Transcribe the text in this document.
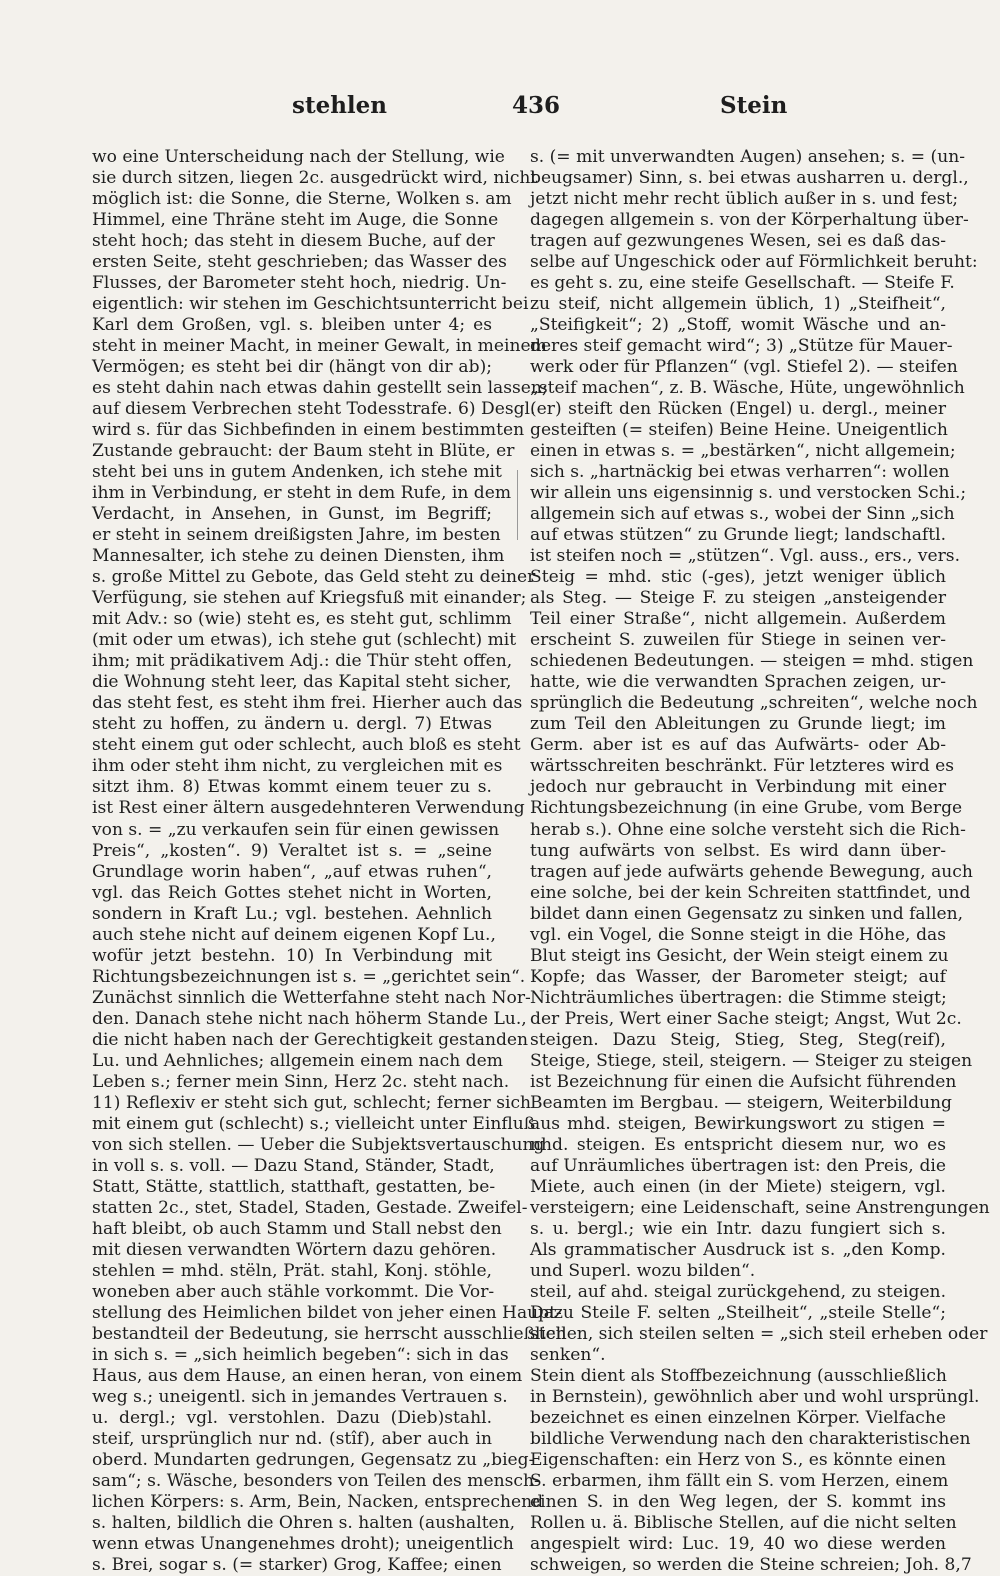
stehlen	436	Stein
wo eine Unterscheidung nach der Stellung, wie
sie durch sitzen, liegen 2c. ausgedrückt wird, nicht
möglich ist: die Sonne, die Sterne, Wolken s. am
Himmel, eine Thräne steht im Auge, die Sonne
steht hoch; das steht in diesem Buche, auf der
ersten Seite, steht geschrieben; das Wasser des
Flusses, der Barometer steht hoch, niedrig. Un-
eigentlich: wir stehen im Geschichtsunterricht bei
Karl dem Großen, vgl. s. bleiben unter 4; es
steht in meiner Macht, in meiner Gewalt, in meinem
Vermögen; es steht bei dir (hängt von dir ab);
es steht dahin nach etwas dahin gestellt sein lassen;
auf diesem Verbrechen steht Todesstrafe. 6) Desgl.
wird s. für das Sichbefinden in einem bestimmten
Zustande gebraucht: der Baum steht in Blüte, er
steht bei uns in gutem Andenken, ich stehe mit
ihm in Verbindung, er steht in dem Rufe, in dem
Verdacht, in Ansehen, in Gunst, im Begriff;
er steht in seinem dreißigsten Jahre, im besten
Mannesalter, ich stehe zu deinen Diensten, ihm
s. große Mittel zu Gebote, das Geld steht zu deiner
Verfügung, sie stehen auf Kriegsfuß mit einander;
mit Adv.: so (wie) steht es, es steht gut, schlimm
(mit oder um etwas), ich stehe gut (schlecht) mit
ihm; mit prädikativem Adj.: die Thür steht offen,
die Wohnung steht leer, das Kapital steht sicher,
das steht fest, es steht ihm frei. Hierher auch das
steht zu hoffen, zu ändern u. dergl. 7) Etwas
steht einem gut oder schlecht, auch bloß es steht
ihm oder steht ihm nicht, zu vergleichen mit es
sitzt ihm. 8) Etwas kommt einem teuer zu s.
ist Rest einer ältern ausgedehnteren Verwendung
von s. = „zu verkaufen sein für einen gewissen
Preis“, „kosten“. 9) Veraltet ist s. = „seine
Grundlage worin haben“, „auf etwas ruhen“,
vgl. das Reich Gottes stehet nicht in Worten,
sondern in Kraft Lu.; vgl. bestehen. Aehnlich
auch stehe nicht auf deinem eigenen Kopf Lu.,
wofür jetzt bestehn. 10) In Verbindung mit
Richtungsbezeichnungen ist s. = „gerichtet sein“.
Zunächst sinnlich die Wetterfahne steht nach Nor-
den. Danach stehe nicht nach höherm Stande Lu.,
die nicht haben nach der Gerechtigkeit gestanden
Lu. und Aehnliches; allgemein einem nach dem
Leben s.; ferner mein Sinn, Herz 2c. steht nach.
11) Reflexiv er steht sich gut, schlecht; ferner sich
mit einem gut (schlecht) s.; vielleicht unter Einfluß
von sich stellen. — Ueber die Subjektsvertauschung
in voll s. s. voll. — Dazu Stand, Ständer, Stadt,
Statt, Stätte, stattlich, statthaft, gestatten, be-
statten 2c., stet, Stadel, Staden, Gestade. Zweifel-
haft bleibt, ob auch Stamm und Stall nebst den
mit diesen verwandten Wörtern dazu gehören.
stehlen = mhd. stëln, Prät. stahl, Konj. stöhle,
woneben aber auch stähle vorkommt. Die Vor-
stellung des Heimlichen bildet von jeher einen Haupt-
bestandteil der Bedeutung, sie herrscht ausschließlich
in sich s. = „sich heimlich begeben“: sich in das
Haus, aus dem Hause, an einen heran, von einem
weg s.; uneigentl. sich in jemandes Vertrauen s.
u. dergl.; vgl. verstohlen. Dazu (Dieb)stahl.
steif, ursprünglich nur nd. (stîf), aber auch in
oberd. Mundarten gedrungen, Gegensatz zu „bieg-
sam“; s. Wäsche, besonders von Teilen des mensch-
lichen Körpers: s. Arm, Bein, Nacken, entsprechend
s. halten, bildlich die Ohren s. halten (aushalten,
wenn etwas Unangenehmes droht); uneigentlich
s. Brei, sogar s. (= starker) Grog, Kaffee; einen
s. (= mit unverwandten Augen) ansehen; s. = (un-
beugsamer) Sinn, s. bei etwas ausharren u. dergl.,
jetzt nicht mehr recht üblich außer in s. und fest;
dagegen allgemein s. von der Körperhaltung über-
tragen auf gezwungenes Wesen, sei es daß das-
selbe auf Ungeschick oder auf Förmlichkeit beruht:
es geht s. zu, eine steife Gesellschaft. — Steife F.
zu steif, nicht allgemein üblich, 1) „Steifheit“,
„Steifigkeit“; 2) „Stoff, womit Wäsche und an-
deres steif gemacht wird“; 3) „Stütze für Mauer-
werk oder für Pflanzen“ (vgl. Stiefel 2). — steifen
„steif machen“, z. B. Wäsche, Hüte, ungewöhnlich
(er) steift den Rücken (Engel) u. dergl., meiner
gesteiften (= steifen) Beine Heine. Uneigentlich
einen in etwas s. = „bestärken“, nicht allgemein;
sich s. „hartnäckig bei etwas verharren“: wollen
wir allein uns eigensinnig s. und verstocken Schi.;
allgemein sich auf etwas s., wobei der Sinn „sich
auf etwas stützen“ zu Grunde liegt; landschaftl.
ist steifen noch = „stützen“. Vgl. auss., ers., vers.
Steig = mhd. stic (-ges), jetzt weniger üblich
als Steg. — Steige F. zu steigen „ansteigender
Teil einer Straße“, nicht allgemein. Außerdem
erscheint S. zuweilen für Stiege in seinen ver-
schiedenen Bedeutungen. — steigen = mhd. stigen
hatte, wie die verwandten Sprachen zeigen, ur-
sprünglich die Bedeutung „schreiten“, welche noch
zum Teil den Ableitungen zu Grunde liegt; im
Germ. aber ist es auf das Aufwärts- oder Ab-
wärtsschreiten beschränkt. Für letzteres wird es
jedoch nur gebraucht in Verbindung mit einer
Richtungsbezeichnung (in eine Grube, vom Berge
herab s.). Ohne eine solche versteht sich die Rich-
tung aufwärts von selbst. Es wird dann über-
tragen auf jede aufwärts gehende Bewegung, auch
eine solche, bei der kein Schreiten stattfindet, und
bildet dann einen Gegensatz zu sinken und fallen,
vgl. ein Vogel, die Sonne steigt in die Höhe, das
Blut steigt ins Gesicht, der Wein steigt einem zu
Kopfe; das Wasser, der Barometer steigt; auf
Nichträumliches übertragen: die Stimme steigt;
der Preis, Wert einer Sache steigt; Angst, Wut 2c.
steigen. Dazu Steig, Stieg, Steg, Steg(reif),
Steige, Stiege, steil, steigern. — Steiger zu steigen
ist Bezeichnung für einen die Aufsicht führenden
Beamten im Bergbau. — steigern, Weiterbildung
aus mhd. steigen, Bewirkungswort zu stigen =
nhd. steigen. Es entspricht diesem nur, wo es
auf Unräumliches übertragen ist: den Preis, die
Miete, auch einen (in der Miete) steigern, vgl.
versteigern; eine Leidenschaft, seine Anstrengungen
s. u. bergl.; wie ein Intr. dazu fungiert sich s.
Als grammatischer Ausdruck ist s. „den Komp.
und Superl. wozu bilden“.
steil, auf ahd. steigal zurückgehend, zu steigen.
Dazu Steile F. selten „Steilheit“, „steile Stelle“;
steilen, sich steilen selten = „sich steil erheben oder
senken“.
Stein dient als Stoffbezeichnung (ausschließlich
in Bernstein), gewöhnlich aber und wohl ursprüngl.
bezeichnet es einen einzelnen Körper. Vielfache
bildliche Verwendung nach den charakteristischen
Eigenschaften: ein Herz von S., es könnte einen
S. erbarmen, ihm fällt ein S. vom Herzen, einem
einen S. in den Weg legen, der S. kommt ins
Rollen u. ä. Biblische Stellen, auf die nicht selten
angespielt wird: Luc. 19, 40 wo diese werden
schweigen, so werden die Steine schreien; Joh. 8,7
